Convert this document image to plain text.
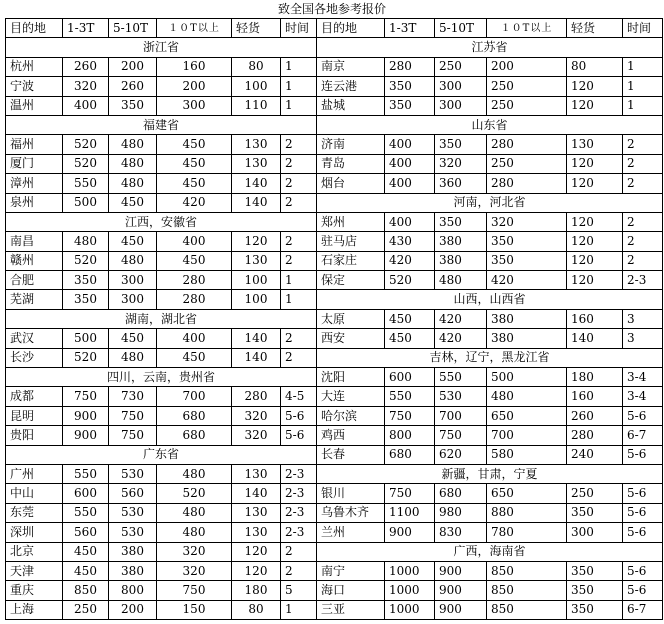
致全国各地参考报价
目的地	1-3T	5-10T	１０T以上	轻货	时间
浙江省					
杭州	260	200	160	80	1
宁波	320	260	200	100	1
温州	400	350	300	110	1
福建省					
福州	520	480	450	130	2
厦门	520	480	450	130	2
漳州	550	480	450	140	2
泉州	500	450	420	140	2
江西，安徽省					
南昌	480	450	400	120	2
赣州	520	480	450	130	2
合肥	350	300	280	100	1
芜湖	350	300	280	100	1
湖南，湖北省					
武汉	500	450	400	140	2
长沙	520	480	450	140	2
四川，云南，贵州省					
成都	750	730	700	280	4-5
昆明	900	750	680	320	5-6
贵阳	900	750	680	320	5-6
广东省					
广州	550	530	480	130	2-3
中山	600	560	520	140	2-3
东莞	550	530	480	130	2-3
深圳	560	530	480	130	2-3
北京	450	380	320	120	2
天津	450	380	320	120	2
重庆	850	800	750	180	5
上海	250	200	150	80	1
目的地	1-3T	5-10T	１０T以上	轻货	时间
江苏省					
南京	280	250	200	80	1
连云港	350	300	250	120	1
盐城	350	300	250	120	1
山东省					
济南	400	350	280	130	2
青岛	400	320	250	120	2
烟台	400	360	280	120	2
河南，河北省					
郑州	400	350	320	120	2
驻马店	430	380	350	120	2
石家庄	420	380	350	120	2
保定	520	480	420	120	2-3
山西，山西省					
太原	450	420	380	160	3
西安	450	420	380	140	3
吉林，辽宁，黑龙江省					
沈阳	600	550	500	180	3-4
大连	550	530	480	160	3-4
哈尔滨	750	700	650	260	5-6
鸡西	800	750	700	280	6-7
长春	680	620	580	240	5-6
新疆，甘肃，宁夏					
银川	750	680	650	250	5-6
乌鲁木齐	1100	980	880	350	5-6
兰州	900	830	780	300	5-6
广西，海南省					
南宁	1000	900	850	350	5-6
海口	1000	900	850	350	5-6
三亚	1000	900	850	350	6-7
